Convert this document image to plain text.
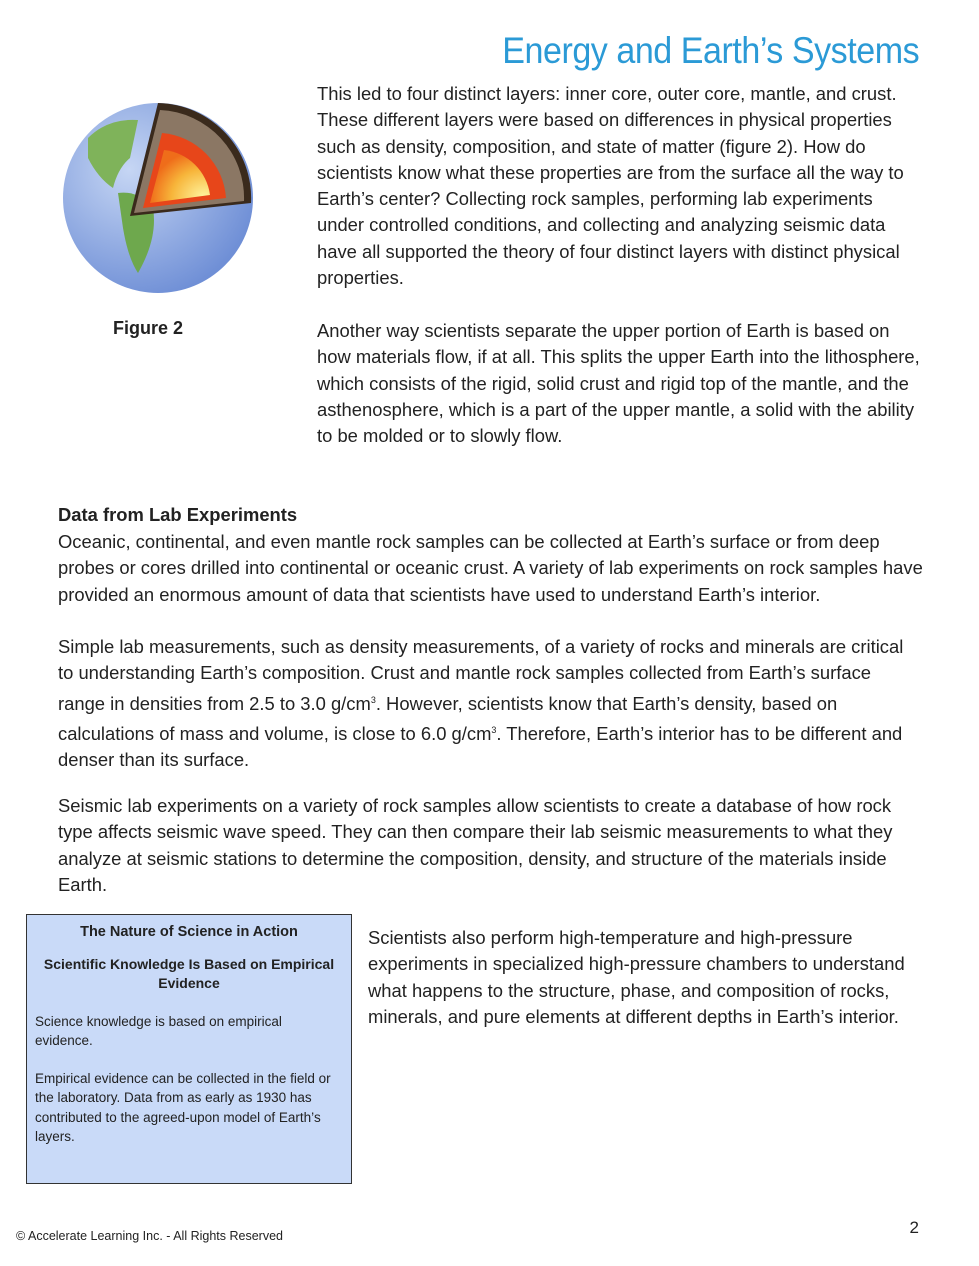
Energy and Earth’s Systems
Figure 2

This led to four distinct layers: inner core, outer core, mantle, and crust. These different layers were based on differences in physical properties such as density, composition, and state of matter (figure 2). How do scientists know what these properties are from the surface all the way to Earth’s center? Collecting rock samples, performing lab experiments under controlled conditions, and collecting and analyzing seismic data have all supported the theory of four distinct layers with distinct physical properties.

Another way scientists separate the upper portion of Earth is based on how materials flow, if at all. This splits the upper Earth into the lithosphere, which consists of the rigid, solid crust and rigid top of the mantle, and the asthenosphere, which is a part of the upper mantle, a solid with the ability to be molded or to slowly flow.

Data from Lab Experiments

Oceanic, continental, and even mantle rock samples can be collected at Earth’s surface or from deep probes or cores drilled into continental or oceanic crust. A variety of lab experiments on rock samples have provided an enormous amount of data that scientists have used to understand Earth’s interior.

Simple lab measurements, such as density measurements, of a variety of rocks and minerals are critical to understanding Earth’s composition. Crust and mantle rock samples collected from Earth’s surface range in densities from 2.5 to 3.0 $g/cm^3$. However, scientists know that Earth’s density, based on calculations of mass and volume, is close to 6.0 $g/cm^3$. Therefore, Earth’s interior has to be different and denser than its surface.

Seismic lab experiments on a variety of rock samples allow scientists to create a database of how rock type affects seismic wave speed. They can then compare their lab seismic measurements to what they analyze at seismic stations to determine the composition, density, and structure of the materials inside Earth.

Scientists also perform high-temperature and high-pressure experiments in specialized high-pressure chambers to understand what happens to the structure, phase, and composition of rocks, minerals, and pure elements at different depths in Earth’s interior.

The Nature of Science in Action
Scientific Knowledge Is Based on Empirical Evidence

Science knowledge is based on empirical evidence.

Empirical evidence can be collected in the field or the laboratory. Data from as early as 1930 has contributed to the agreed-upon model of Earth’s layers.

© Accelerate Learning Inc. - All Rights Reserved	2
